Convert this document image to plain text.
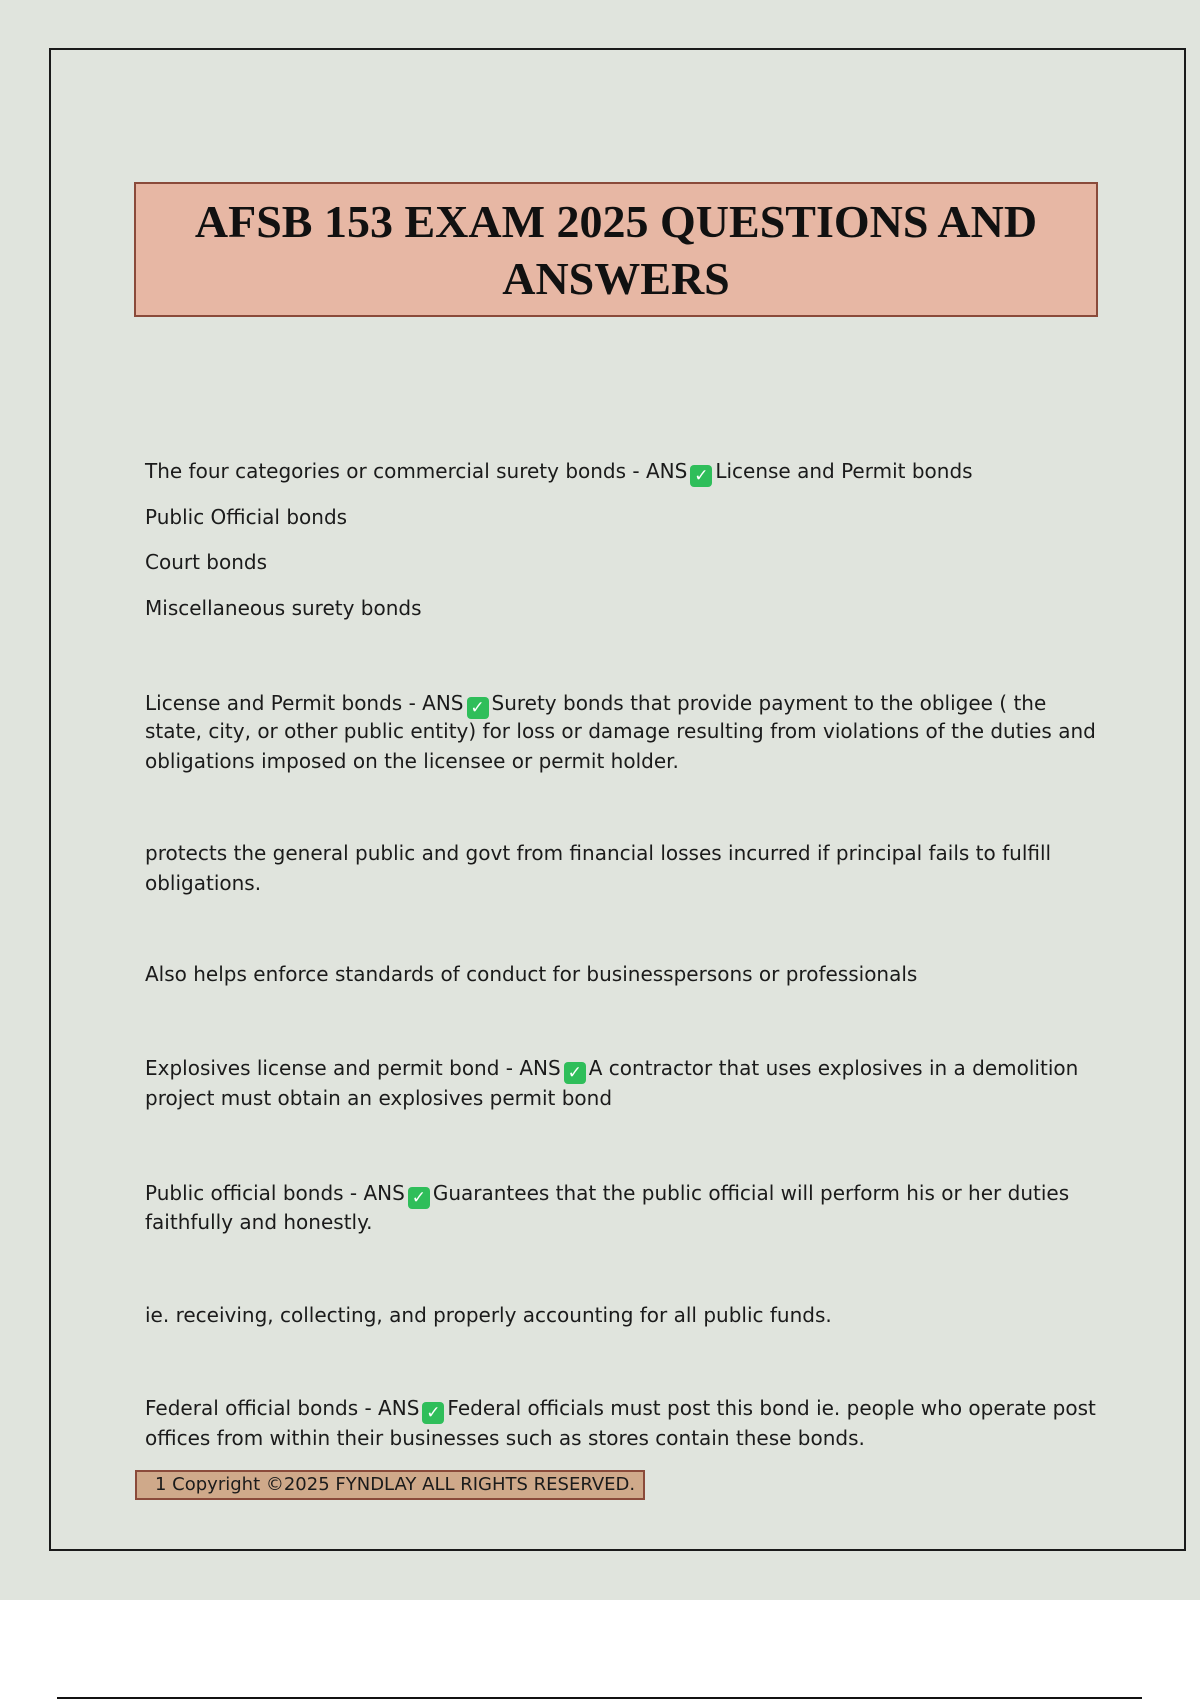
AFSB 153 EXAM 2025 QUESTIONS AND ANSWERS
The four categories or commercial surety bonds - ANS ✓ License and Permit bonds
Public Official bonds
Court bonds
Miscellaneous surety bonds
License and Permit bonds - ANS ✓ Surety bonds that provide payment to the obligee ( the
state, city, or other public entity) for loss or damage resulting from violations of the duties and
obligations imposed on the licensee or permit holder.
protects the general public and govt from financial losses incurred if principal fails to fulfill
obligations.
Also helps enforce standards of conduct for businesspersons or professionals
Explosives license and permit bond - ANS ✓ A contractor that uses explosives in a demolition
project must obtain an explosives permit bond
Public official bonds - ANS ✓ Guarantees that the public official will perform his or her duties
faithfully and honestly.
ie. receiving, collecting, and properly accounting for all public funds.
Federal official bonds - ANS ✓ Federal officials must post this bond ie. people who operate post
offices from within their businesses such as stores contain these bonds.
1 Copyright ©2025 FYNDLAY ALL RIGHTS RESERVED.
